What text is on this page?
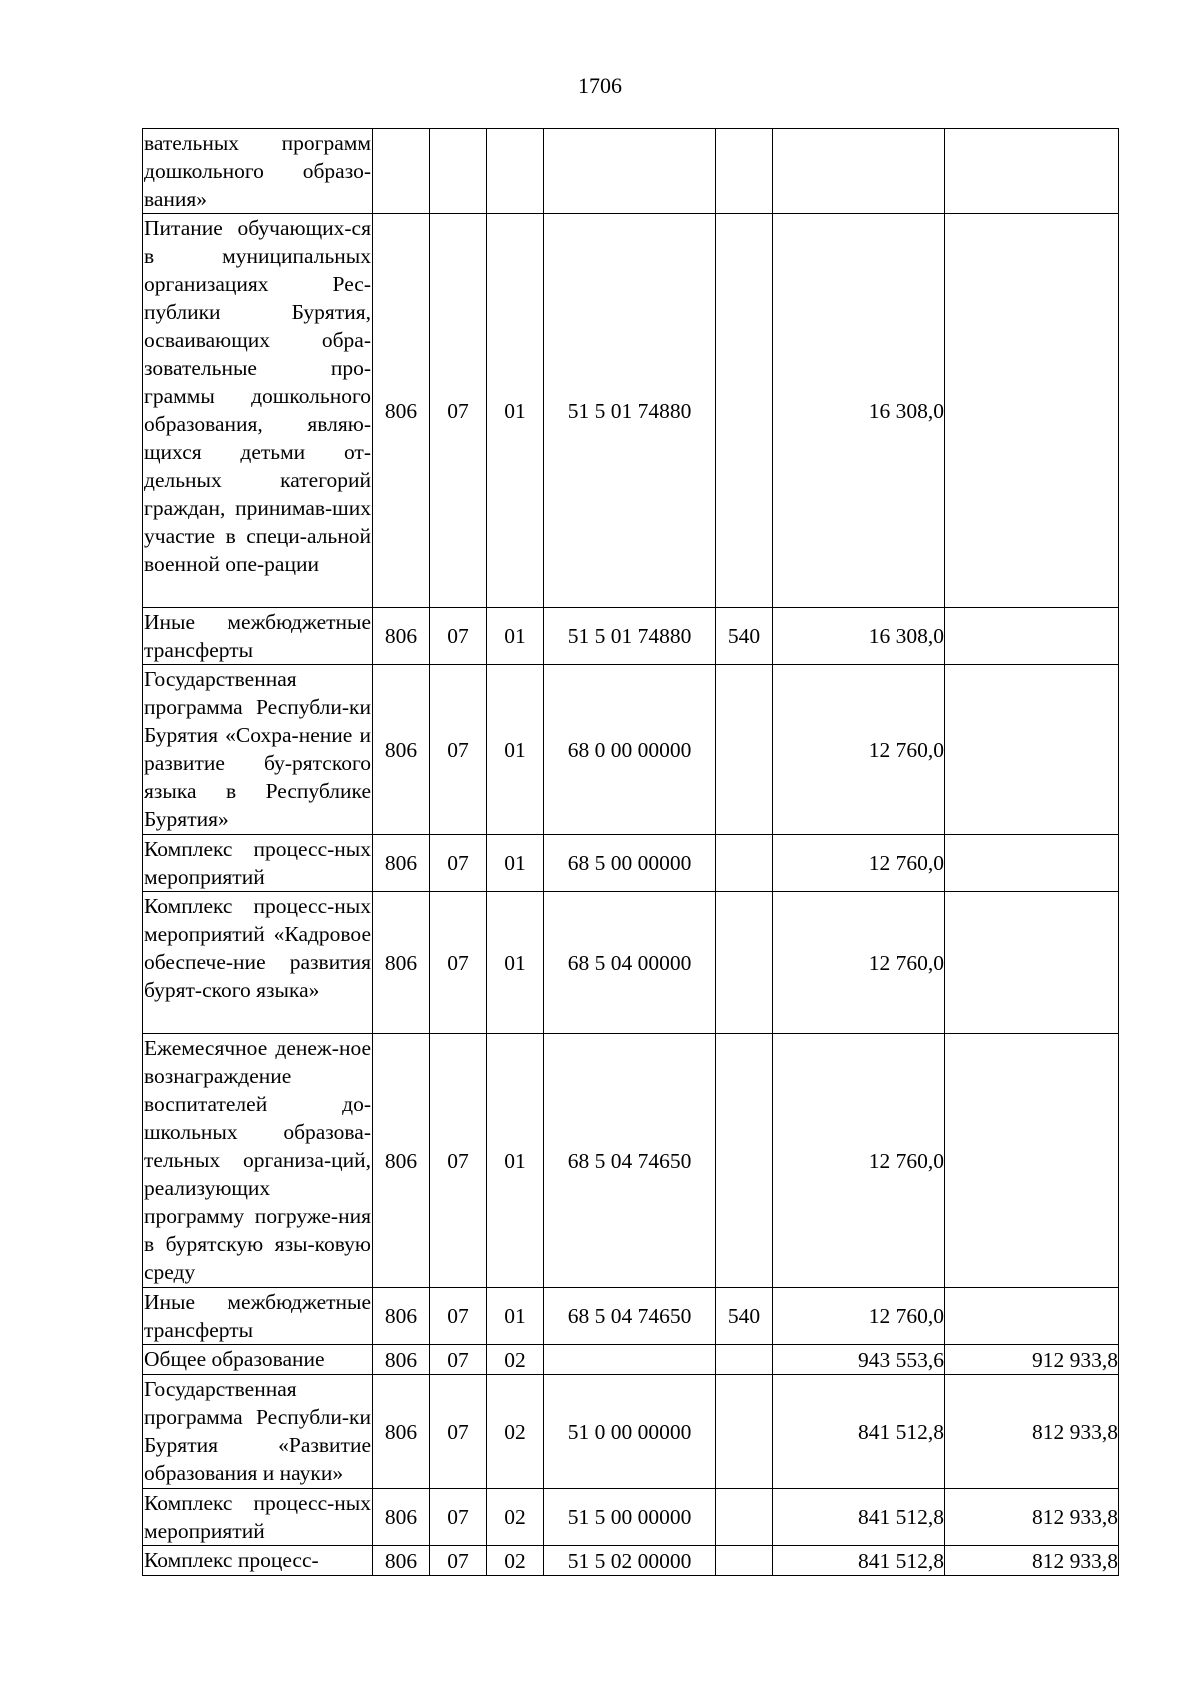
1706
вательных программ дошкольного образо-вания»							
Питание обучающих-ся в муниципальных организациях Рес-публики Бурятия, осваивающих обра-зовательные про-граммы дошкольного образования, являю-щихся детьми от-дельных категорий граждан, принимав-ших участие в специ-альной военной опе-рации	806	07	01	51 5 01 74880		16 308,0	
Иные межбюджетные трансферты	806	07	01	51 5 01 74880	540	16 308,0	
Государственная программа Республи-ки Бурятия «Сохра-нение и развитие бу-рятского языка в Республике Бурятия»	806	07	01	68 0 00 00000		12 760,0	
Комплекс процесс-ных мероприятий	806	07	01	68 5 00 00000		12 760,0	
Комплекс процесс-ных мероприятий «Кадровое обеспече-ние развития бурят-ского языка»	806	07	01	68 5 04 00000		12 760,0	
Ежемесячное денеж-ное вознаграждение воспитателей до-школьных образова-тельных организа-ций, реализующих программу погруже-ния в бурятскую язы-ковую среду	806	07	01	68 5 04 74650		12 760,0	
Иные межбюджетные трансферты	806	07	01	68 5 04 74650	540	12 760,0	
Общее образование	806	07	02			943 553,6	912 933,8
Государственная программа Республи-ки Бурятия «Развитие образования и науки»	806	07	02	51 0 00 00000		841 512,8	812 933,8
Комплекс процесс-ных мероприятий	806	07	02	51 5 00 00000		841 512,8	812 933,8
Комплекс процесс-	806	07	02	51 5 02 00000		841 512,8	812 933,8
